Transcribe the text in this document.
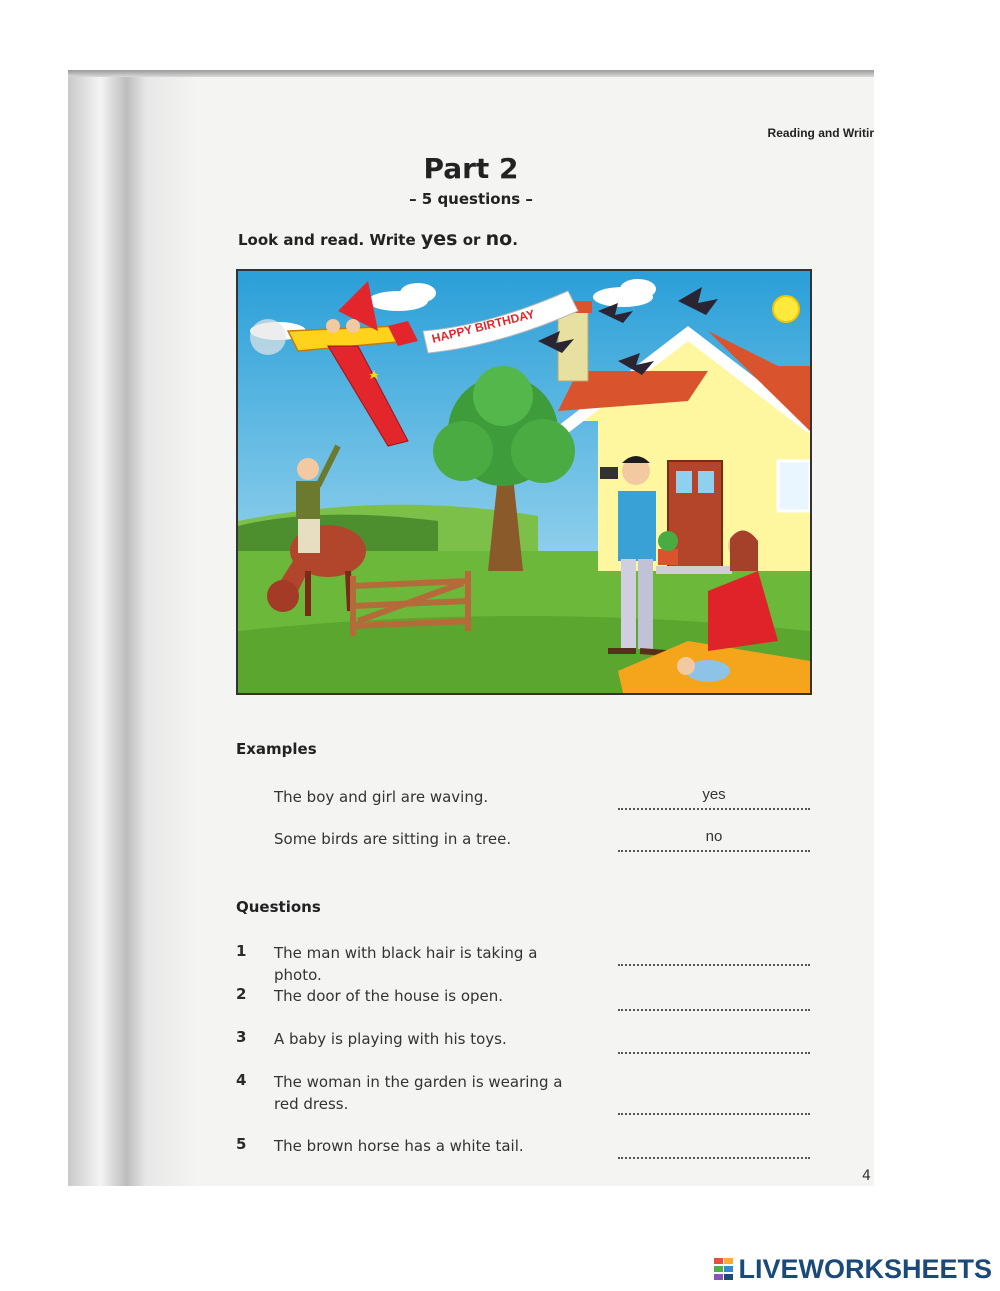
Reading and Writir
Part 2
– 5 questions –
Look and read. Write yes or no.
HAPPY BIRTHDAY
Examples
The boy and girl are waving.	yes
Some birds are sitting in a tree.	no
Questions
1	The man with black hair is taking a photo.
2	The door of the house is open.
3	A baby is playing with his toys.
4	The woman in the garden is wearing a red dress.
5	The brown horse has a white tail.
4
LIVEWORKSHEETS
